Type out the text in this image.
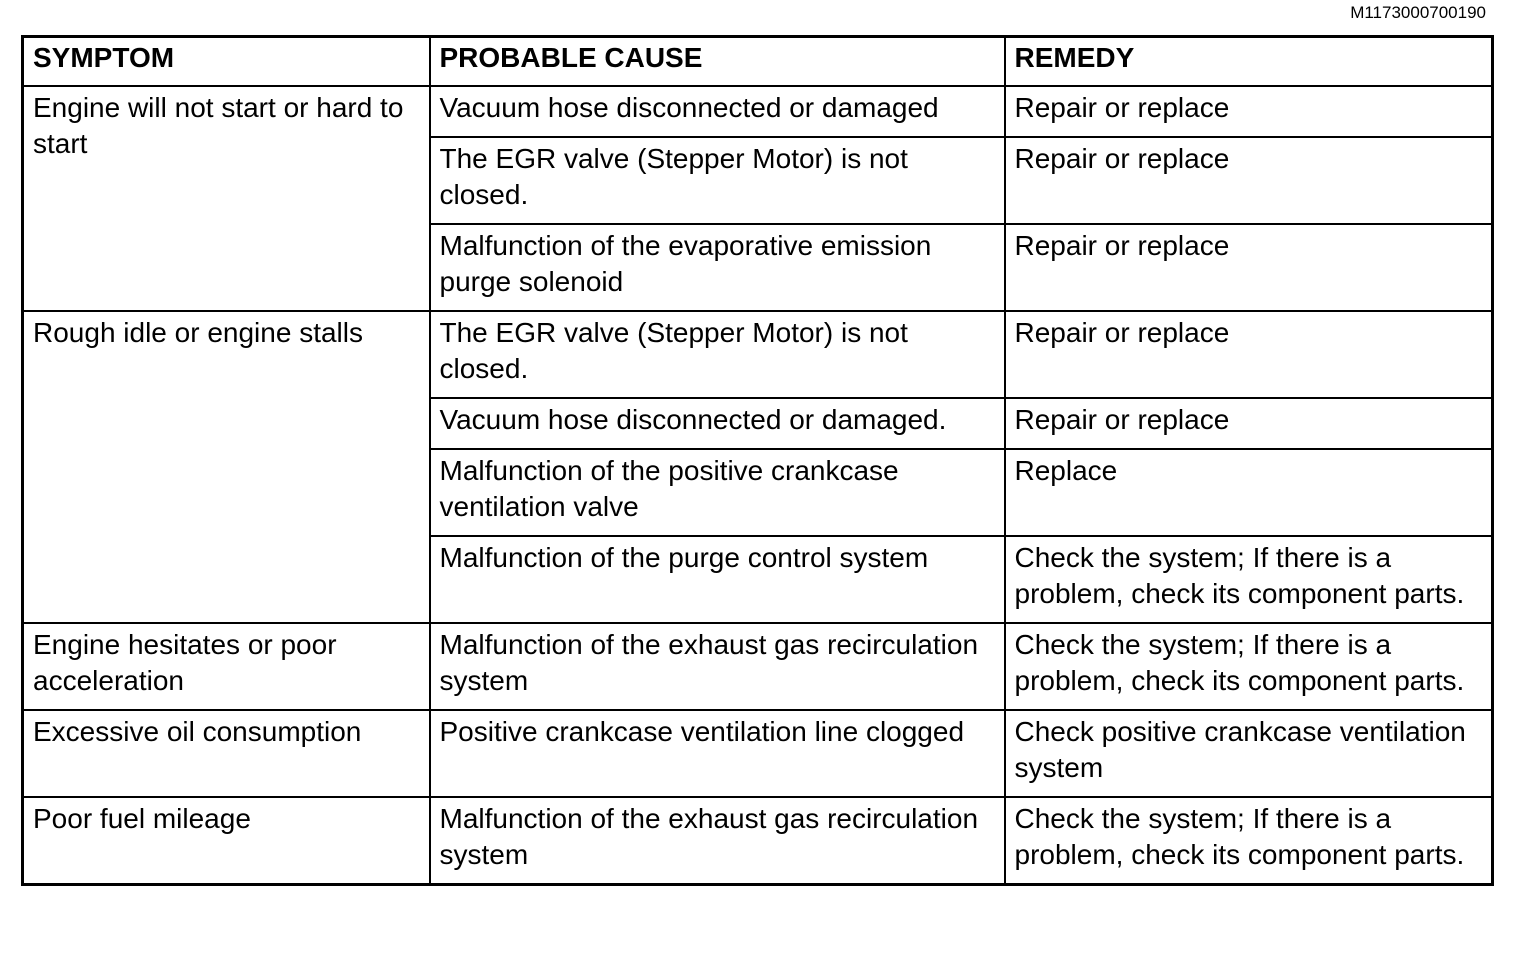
M1173000700190
SYMPTOM	PROBABLE CAUSE	REMEDY
Engine will not start or hard to start	Vacuum hose disconnected or damaged	Repair or replace
	The EGR valve (Stepper Motor) is not closed.	Repair or replace
	Malfunction of the evaporative emission purge solenoid	Repair or replace
Rough idle or engine stalls	The EGR valve (Stepper Motor) is not closed.	Repair or replace
	Vacuum hose disconnected or damaged.	Repair or replace
	Malfunction of the positive crankcase ventilation valve	Replace
	Malfunction of the purge control system	Check the system; If there is a problem, check its component parts.
Engine hesitates or poor acceleration	Malfunction of the exhaust gas recirculation system	Check the system; If there is a problem, check its component parts.
Excessive oil consumption	Positive crankcase ventilation line clogged	Check positive crankcase ventilation system
Poor fuel mileage	Malfunction of the exhaust gas recirculation system	Check the system; If there is a problem, check its component parts.
